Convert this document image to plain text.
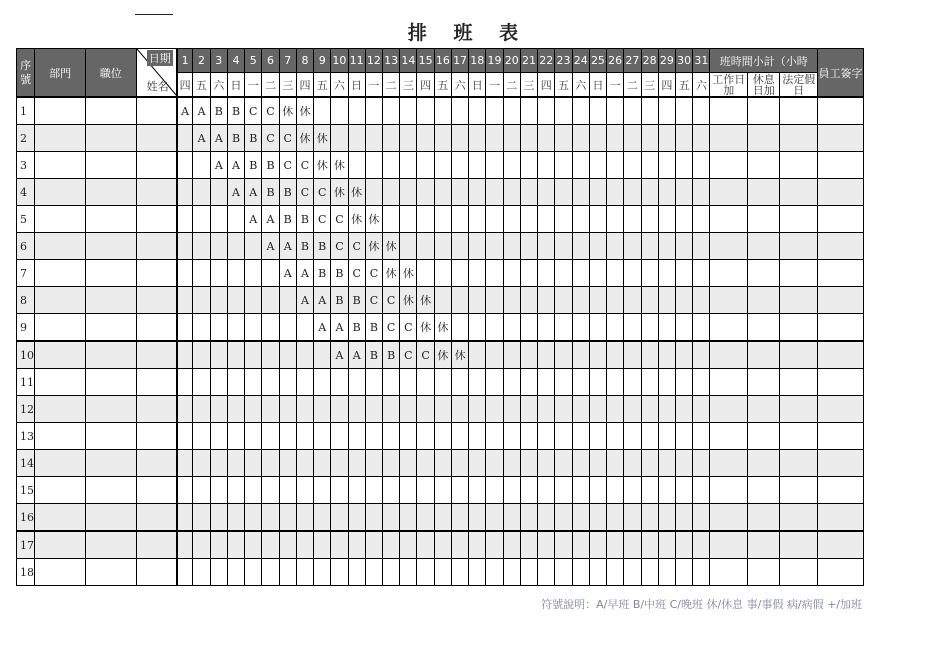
排 班 表
序號	部門	職位	日期
姓名	1	2	3	4	5	6	7	8	9	10	11	12	13	14	15	16	17	18	19	20	21	22	23	24	25	26	27	28	29	30	31	班時間小計（小時			員工簽字
				四	五	六	日	一	二	三	四	五	六	日	一	二	三	四	五	六	日	一	二	三	四	五	六	日	一	二	三	四	五	六	工作日加	休息日加	法定假日	
1				A	A	B	B	C	C	休	休																											
2					A	A	B	B	C	C	休	休																										
3						A	A	B	B	C	C	休	休																									
4							A	A	B	B	C	C	休	休																								
5								A	A	B	B	C	C	休	休																							
6									A	A	B	B	C	C	休	休																						
7										A	A	B	B	C	C	休	休																					
8											A	A	B	B	C	C	休	休																				
9												A	A	B	B	C	C	休	休																			
10													A	A	B	B	C	C	休	休																		
11																																						
12																																						
13																																						
14																																						
15																																						
16																																						
17																																						
18																																						
符號說明：A/早班 B/中班 C/晚班 休/休息 事/事假 病/病假 +/加班
